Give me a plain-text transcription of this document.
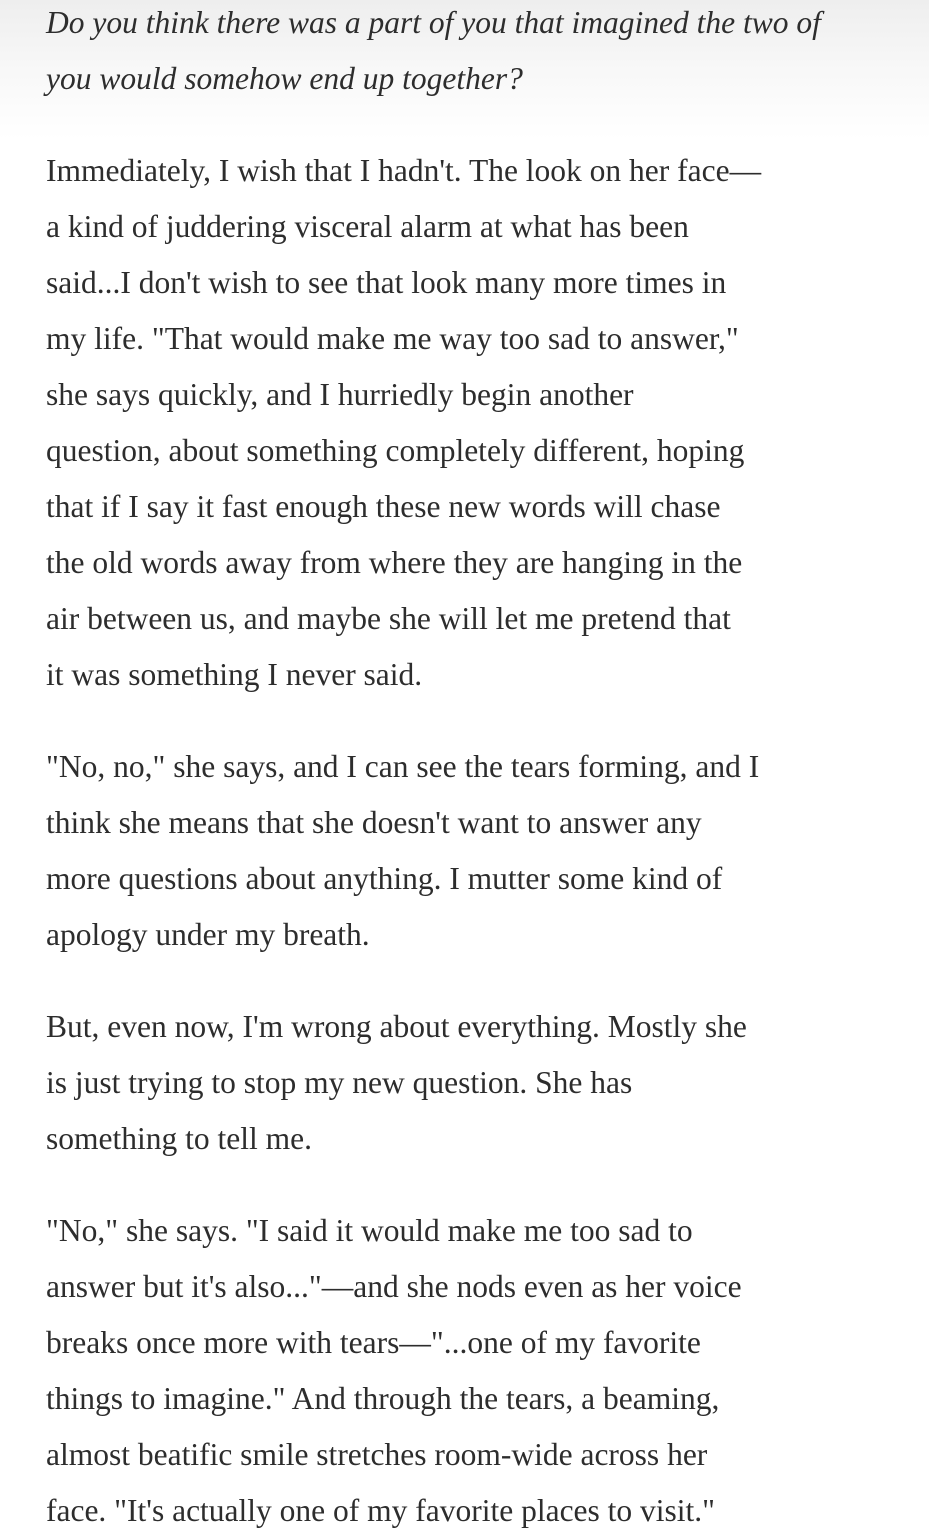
Do you think there was a part of you that imagined the two of
you would somehow end up together?

Immediately, I wish that I hadn't. The look on her face—
a kind of juddering visceral alarm at what has been
said...I don't wish to see that look many more times in
my life. "That would make me way too sad to answer,"
she says quickly, and I hurriedly begin another
question, about something completely different, hoping
that if I say it fast enough these new words will chase
the old words away from where they are hanging in the
air between us, and maybe she will let me pretend that
it was something I never said.

"No, no," she says, and I can see the tears forming, and I
think she means that she doesn't want to answer any
more questions about anything. I mutter some kind of
apology under my breath.

But, even now, I'm wrong about everything. Mostly she
is just trying to stop my new question. She has
something to tell me.

"No," she says. "I said it would make me too sad to
answer but it's also..."—and she nods even as her voice
breaks once more with tears—"...one of my favorite
things to imagine." And through the tears, a beaming,
almost beatific smile stretches room-wide across her
face. "It's actually one of my favorite places to visit."
